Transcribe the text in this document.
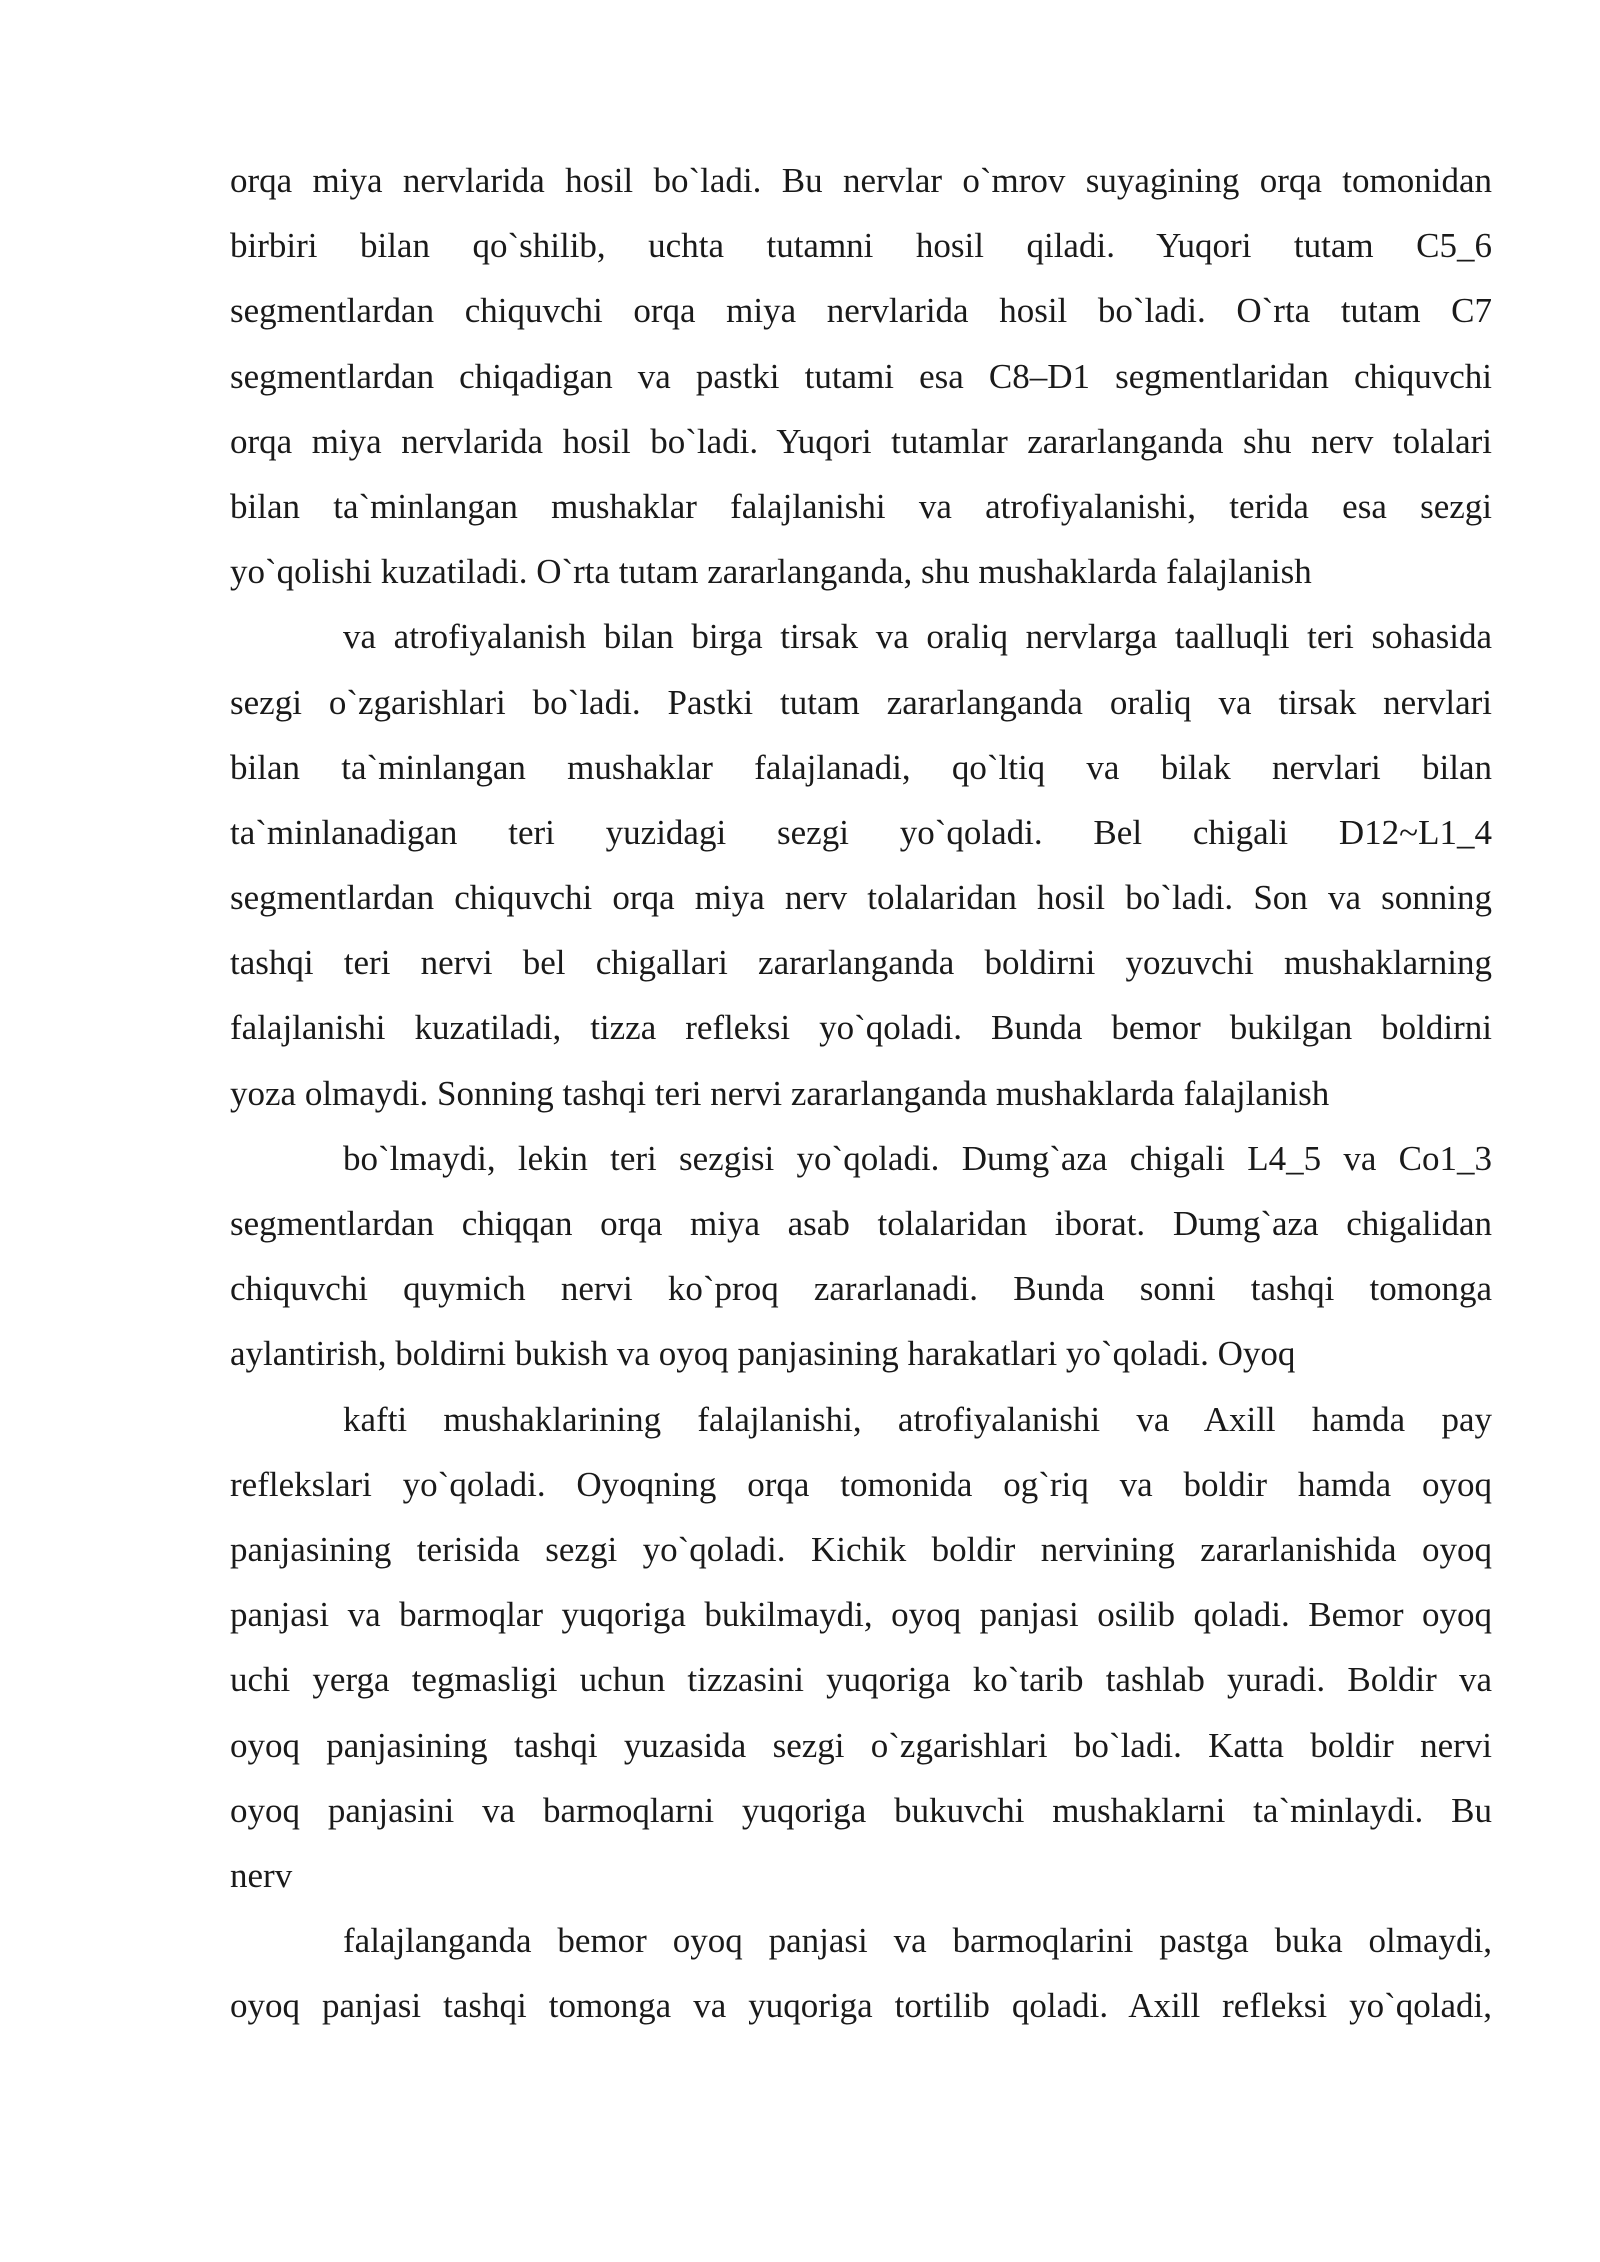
orqa miya nervlarida hosil bo`ladi. Bu nervlar o`mrov suyagining orqa tomonidan
birbiri bilan qo`shilib, uchta tutamni hosil qiladi. Yuqori tutam C5_6
segmentlardan chiquvchi orqa miya nervlarida hosil bo`ladi. O`rta tutam C7
segmentlardan chiqadigan va pastki tutami esa C8–D1 segmentlaridan chiquvchi
orqa miya nervlarida hosil bo`ladi. Yuqori tutamlar zararlanganda shu nerv tolalari
bilan ta`minlangan mushaklar falajlanishi va atrofiyalanishi, terida esa sezgi
yo`qolishi kuzatiladi. O`rta tutam zararlanganda, shu mushaklarda falajlanish
va atrofiyalanish bilan birga tirsak va oraliq nervlarga taalluqli teri sohasida
sezgi o`zgarishlari bo`ladi. Pastki tutam zararlanganda oraliq va tirsak nervlari
bilan ta`minlangan mushaklar falajlanadi, qo`ltiq va bilak nervlari bilan
ta`minlanadigan teri yuzidagi sezgi yo`qoladi. Bel chigali D12~L1_4
segmentlardan chiquvchi orqa miya nerv tolalaridan hosil bo`ladi. Son va sonning
tashqi teri nervi bel chigallari zararlanganda boldirni yozuvchi mushaklarning
falajlanishi kuzatiladi, tizza refleksi yo`qoladi. Bunda bemor bukilgan boldirni
yoza olmaydi. Sonning tashqi teri nervi zararlanganda mushaklarda falajlanish
bo`lmaydi, lekin teri sezgisi yo`qoladi. Dumg`aza chigali L4_5 va Co1_3
segmentlardan chiqqan orqa miya asab tolalaridan iborat. Dumg`aza chigalidan
chiquvchi quymich nervi ko`proq zararlanadi. Bunda sonni tashqi tomonga
aylantirish, boldirni bukish va oyoq panjasining harakatlari yo`qoladi. Oyoq
kafti mushaklarining falajlanishi, atrofiyalanishi va Axill hamda pay
reflekslari yo`qoladi. Oyoqning orqa tomonida og`riq va boldir hamda oyoq
panjasining terisida sezgi yo`qoladi. Kichik boldir nervining zararlanishida oyoq
panjasi va barmoqlar yuqoriga bukilmaydi, oyoq panjasi osilib qoladi. Bemor oyoq
uchi yerga tegmasligi uchun tizzasini yuqoriga ko`tarib tashlab yuradi. Boldir va
oyoq panjasining tashqi yuzasida sezgi o`zgarishlari bo`ladi. Katta boldir nervi
oyoq panjasini va barmoqlarni yuqoriga bukuvchi mushaklarni ta`minlaydi. Bu
nerv
falajlanganda bemor oyoq panjasi va barmoqlarini pastga buka olmaydi,
oyoq panjasi tashqi tomonga va yuqoriga tortilib qoladi. Axill refleksi yo`qoladi,
